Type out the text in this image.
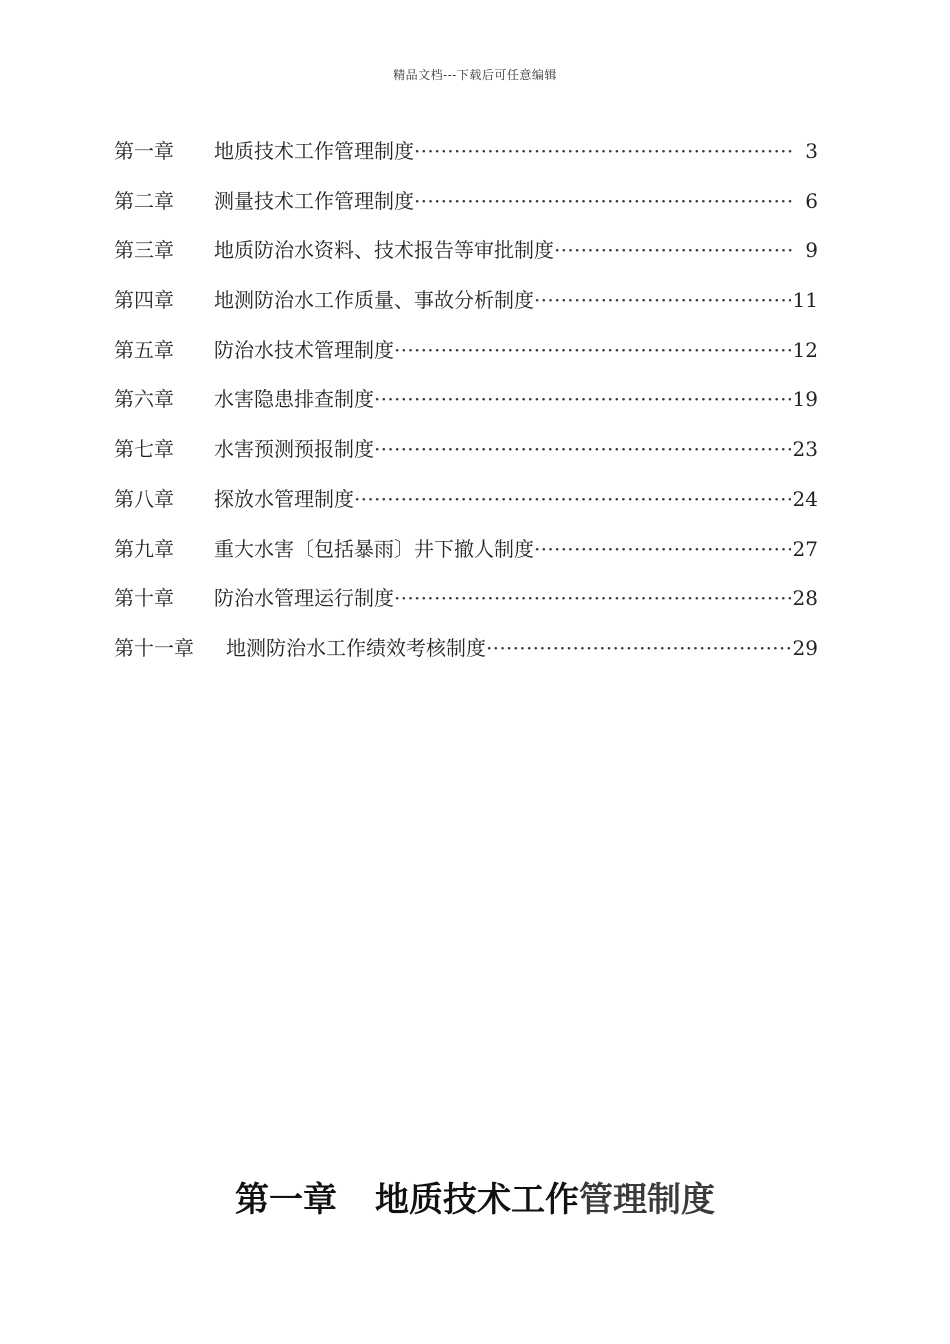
精品文档---下载后可任意编辑
第一章	地质技术工作管理制度 ·····	3
第二章	测量技术工作管理制度 ·····	6
第三章	地质防治水资料、技术报告等审批制度 ·····	9
第四章	地测防治水工作质量、事故分析制度 ·····	11
第五章	防治水技术管理制度 ·····	12
第六章	水害隐患排查制度 ·····	19
第七章	水害预测预报制度 ·····	23
第八章	探放水管理制度 ·····	24
第九章	重大水害〔包括暴雨〕井下撤人制度 ·····	27
第十章	防治水管理运行制度 ·····	28
第十一章	地测防治水工作绩效考核制度 ·····	29
第一章 地质技术工作管理制度
